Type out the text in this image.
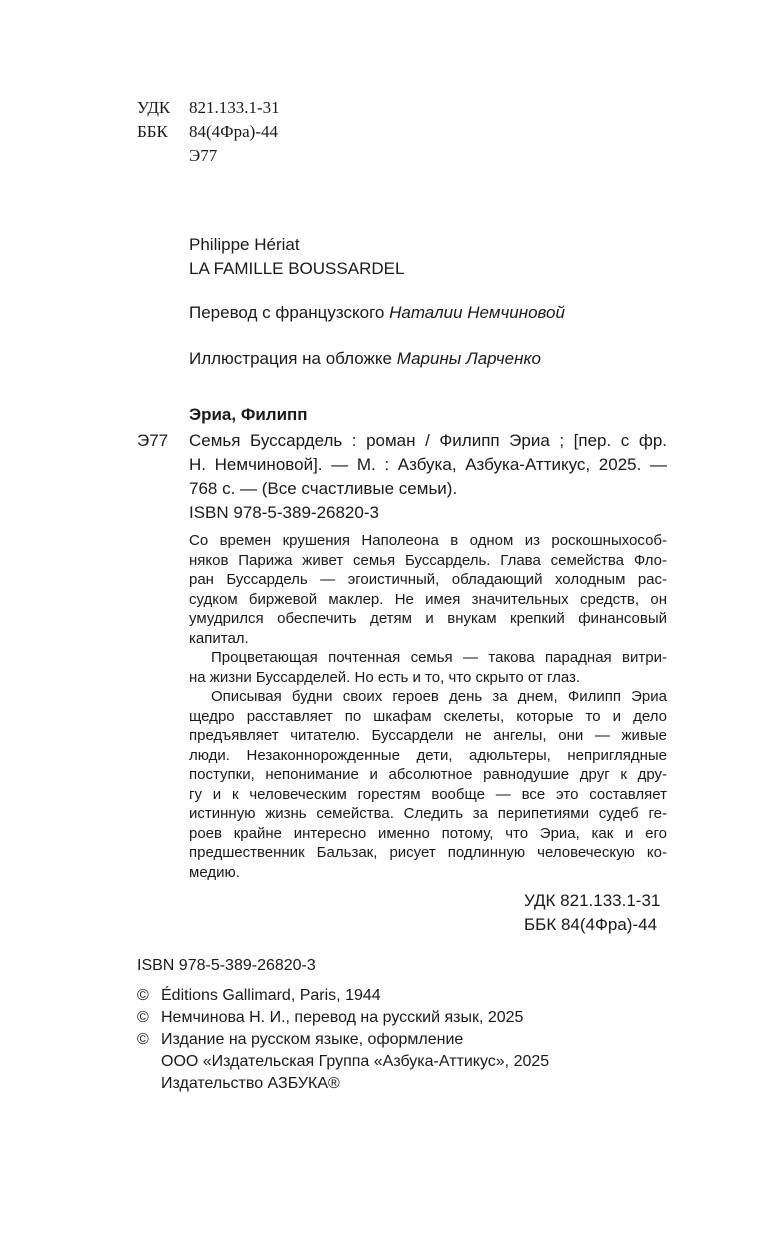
УДК 821.133.1-31
ББК 84(4Фра)-44
Э77
Philippe Hériat
LA FAMILLE BOUSSARDEL
Перевод с французского Наталии Немчиновой
Иллюстрация на обложке Марины Ларченко
Эриа, Филипп
Э77 Семья Буссардель : роман / Филипп Эриа ; [пер. с фр.
Н. Немчиновой]. — М. : Азбука, Азбука-Аттикус, 2025. —
768 с. — (Все счастливые семьи).
ISBN 978-5-389-26820-3
Со времен крушения Наполеона в одном из роскошныхособ-
няков Парижа живет семья Буссардель. Глава семейства Фло-
ран Буссардель — эгоистичный, обладающий холодным рас-
судком биржевой маклер. Не имея значительных средств, он
умудрился обеспечить детям и внукам крепкий финансовый
капитал.
Процветающая почтенная семья — такова парадная витри-
на жизни Буссарделей. Но есть и то, что скрыто от глаз.
Описывая будни своих героев день за днем, Филипп Эриа
щедро расставляет по шкафам скелеты, которые то и дело
предъявляет читателю. Буссардели не ангелы, они — живые
люди. Незаконнорожденные дети, адюльтеры, неприглядные
поступки, непонимание и абсолютное равнодушие друг к дру-
гу и к человеческим горестям вообще — все это составляет
истинную жизнь семейства. Следить за перипетиями судеб ге-
роев крайне интересно именно потому, что Эриа, как и его
предшественник Бальзак, рисует подлинную человеческую ко-
медию.
УДК 821.133.1-31
ББК 84(4Фра)-44
ISBN 978-5-389-26820-3
© Éditions Gallimard, Paris, 1944
© Немчинова Н. И., перевод на русский язык, 2025
© Издание на русском языке, оформление
ООО «Издательская Группа «Азбука-Аттикус», 2025
Издательство АЗБУКА®
